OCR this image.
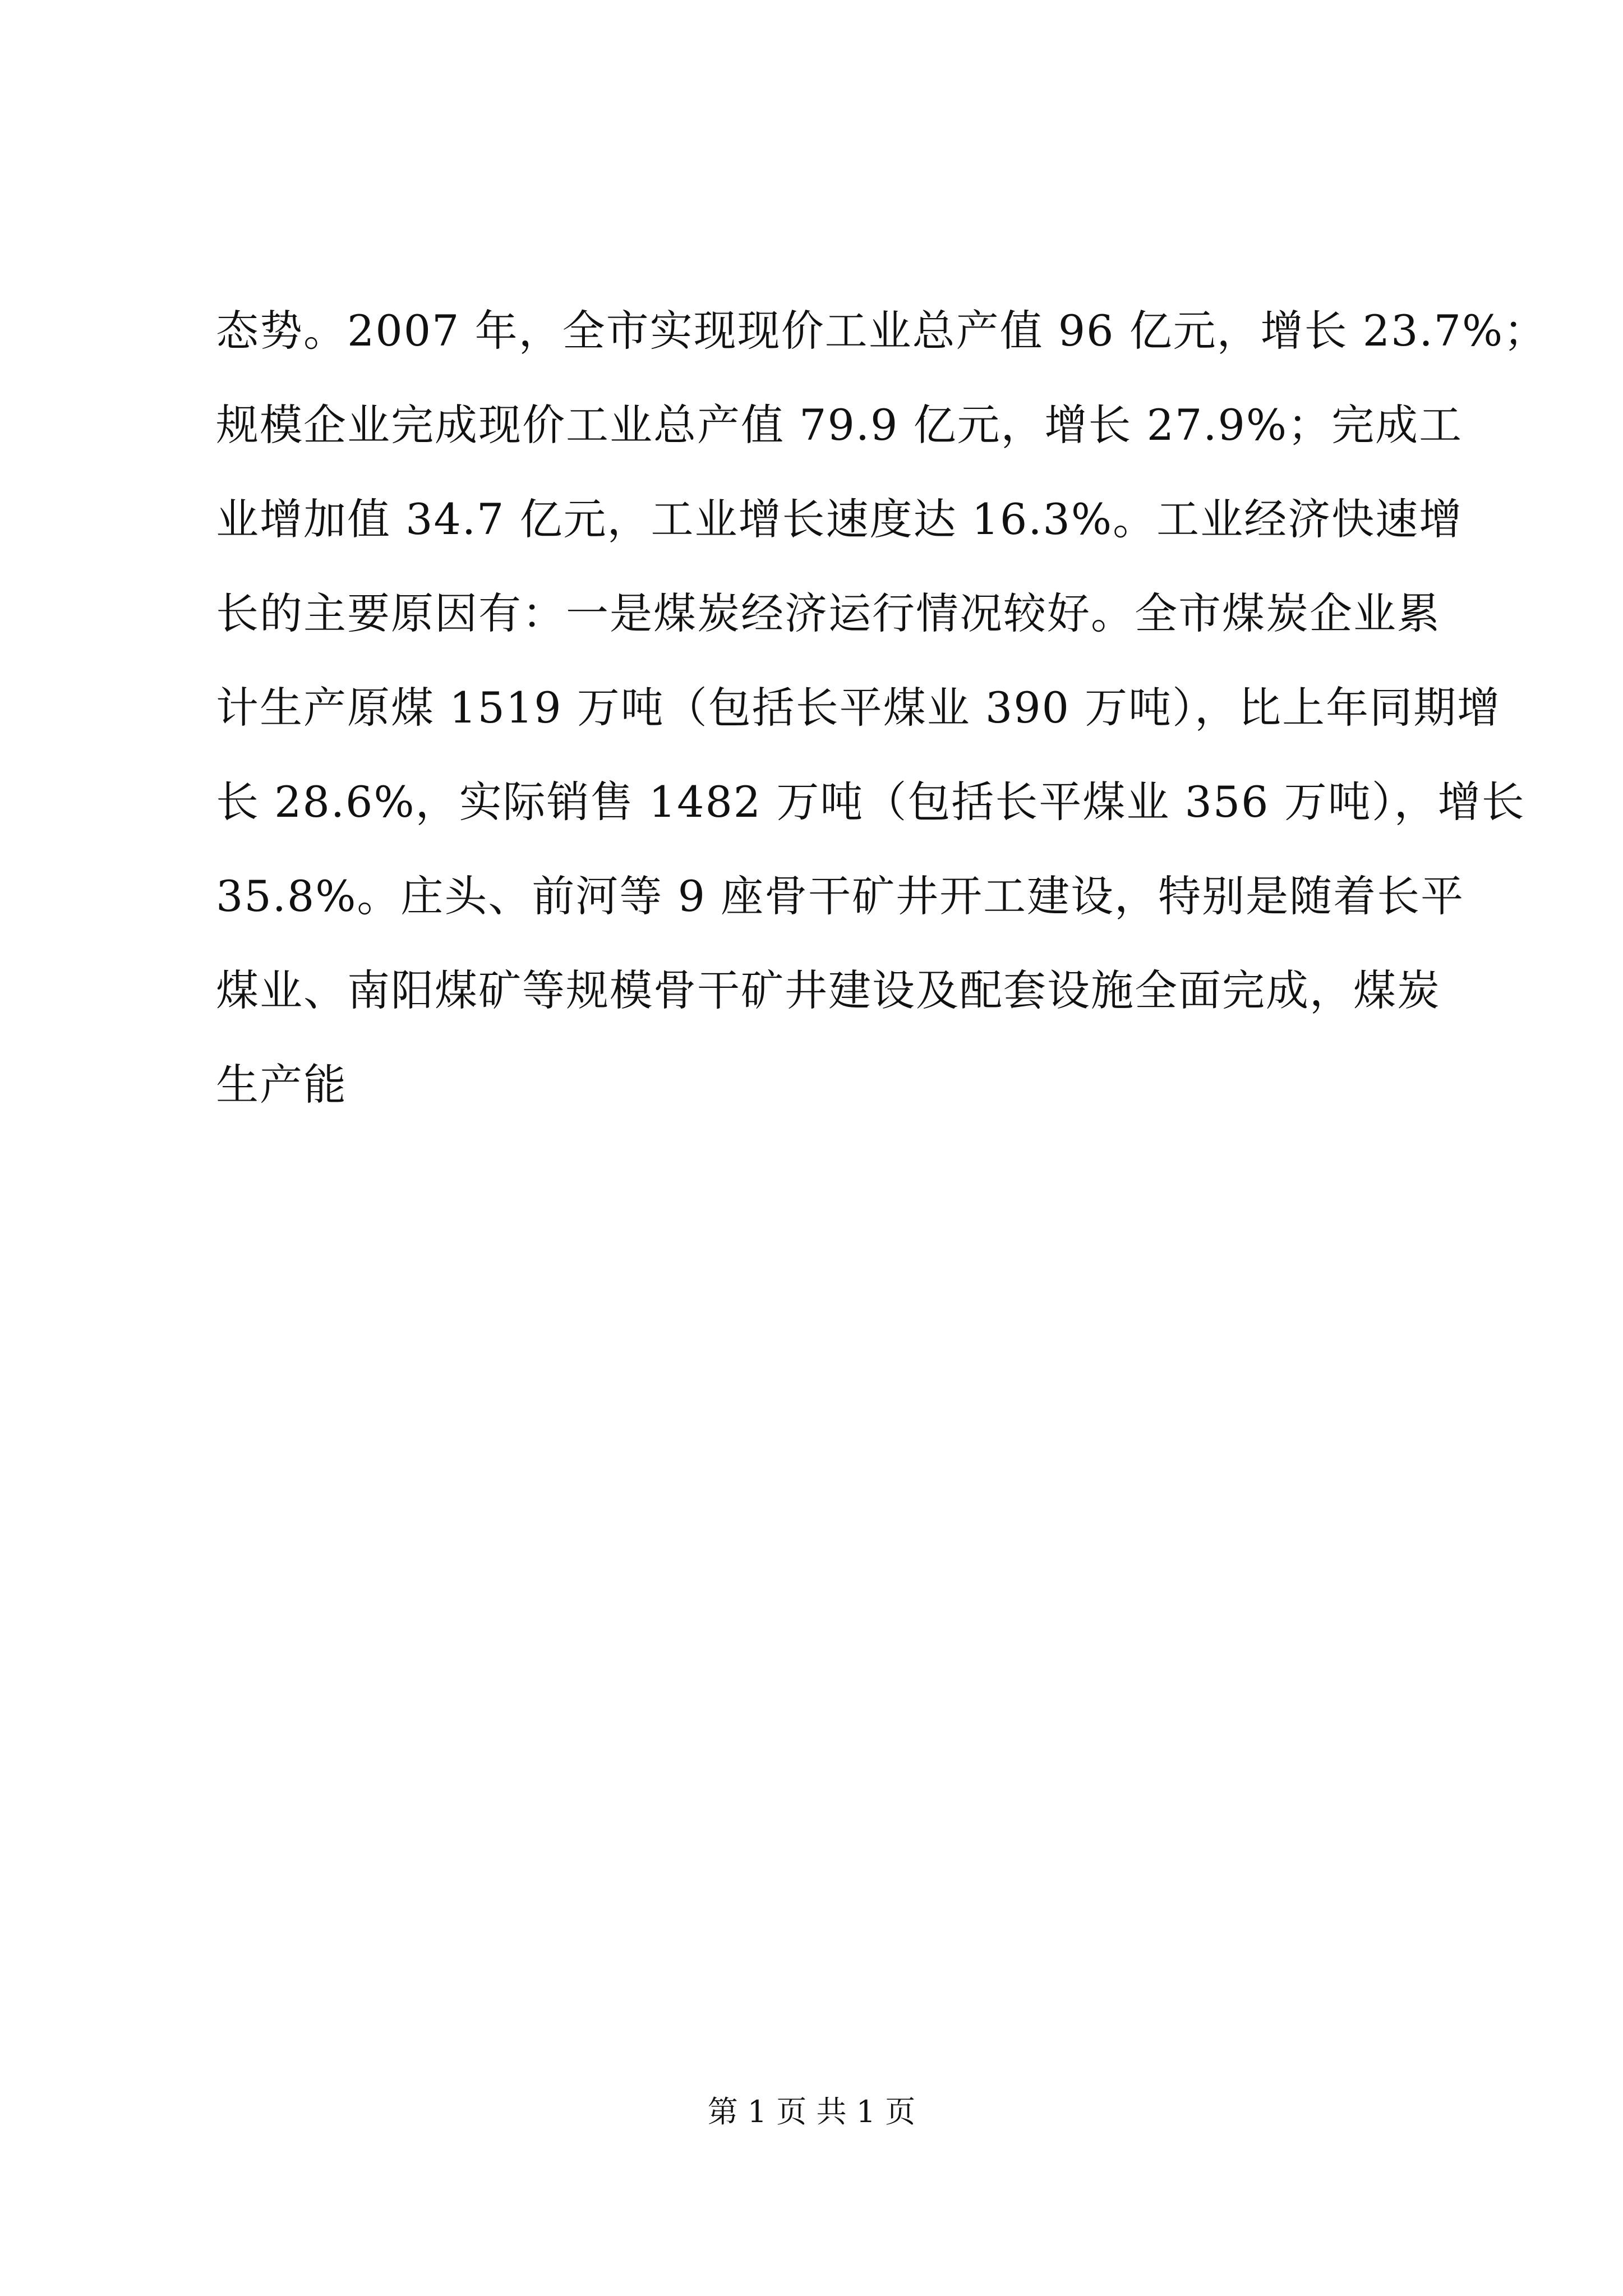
态势。2007 年，全市实现现价工业总产值 96 亿元，增长 23.7%；
规模企业完成现价工业总产值 79.9 亿元，增长 27.9%；完成工
业增加值 34.7 亿元，工业增长速度达 16.3%。工业经济快速增
长的主要原因有：一是煤炭经济运行情况较好。全市煤炭企业累
计生产原煤 1519 万吨（包括长平煤业 390 万吨），比上年同期增
长 28.6%，实际销售 1482 万吨（包括长平煤业 356 万吨），增长
35.8%。庄头、前河等 9 座骨干矿井开工建设，特别是随着长平
煤业、南阳煤矿等规模骨干矿井建设及配套设施全面完成，煤炭
生产能
第 1 页 共 1 页
